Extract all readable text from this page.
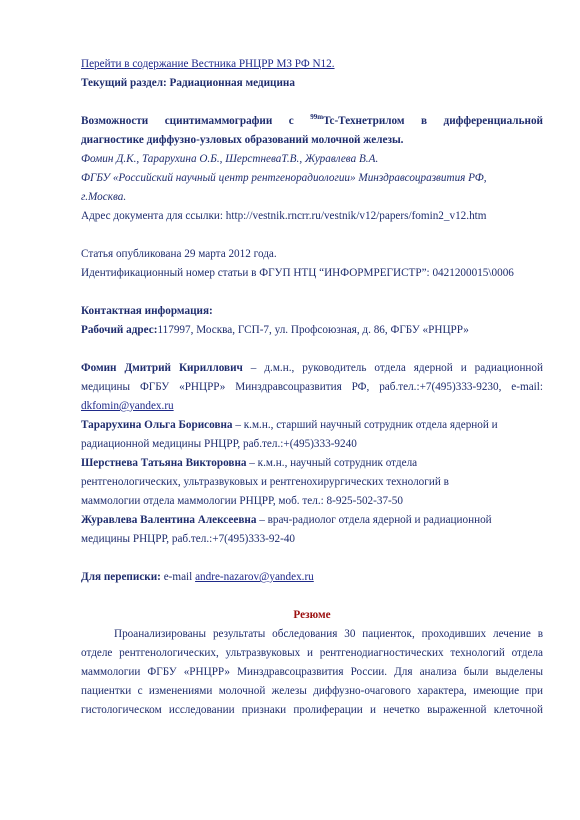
Перейти в содержание Вестника РНЦРР МЗ РФ N12.
Текущий раздел: Радиационная медицина
Возможности сцинтимаммографии с $^{99m}$Tc-Технетрилом в дифференциальной
диагностике диффузно-узловых образований молочной железы.
Фомин Д.К., Тарарухина О.Б., ШерстневаТ.В., Журавлева В.А.
ФГБУ «Российский научный центр рентгенорадиологии» Минздравсоцразвития РФ,
г.Москва.
Адрес документа для ссылки: http://vestnik.rncrr.ru/vestnik/v12/papers/fomin2_v12.htm
Статья опубликована 29 марта 2012 года.
Идентификационный номер статьи в ФГУП НТЦ “ИНФОРМРЕГИСТР”: 0421200015\0006
Контактная информация:
Рабочий адрес:117997, Москва, ГСП-7, ул. Профсоюзная, д. 86, ФГБУ «РНЦРР»
Фомин Дмитрий Кириллович – д.м.н., руководитель отдела ядерной и радиационной
медицины ФГБУ «РНЦРР» Минздравсоцразвития РФ, раб.тел.:+7(495)333-9230, e-mail:
dkfomin@yandex.ru
Тарарухина Ольга Борисовна – к.м.н., старший научный сотрудник отдела ядерной и
радиационной медицины РНЦРР, раб.тел.:+(495)333-9240
Шерстнева Татьяна Викторовна – к.м.н., научный сотрудник отдела
рентгенологических, ультразвуковых и рентгенохирургических технологий в
маммологии отдела маммологии РНЦРР, моб. тел.: 8-925-502-37-50
Журавлева Валентина Алексеевна – врач-радиолог отдела ядерной и радиационной
медицины РНЦРР, раб.тел.:+7(495)333-92-40
Для переписки: e-mail andre-nazarov@yandex.ru
Резюме
Проанализированы результаты обследования 30 пациенток, проходивших лечение в
отделе рентгенологических, ультразвуковых и рентгенодиагностических технологий отдела
маммологии ФГБУ «РНЦРР» Минздравсоцразвития России. Для анализа были выделены
пациентки с изменениями молочной железы диффузно-очагового характера, имеющие при
гистологическом исследовании признаки пролиферации и нечетко выраженной клеточной
